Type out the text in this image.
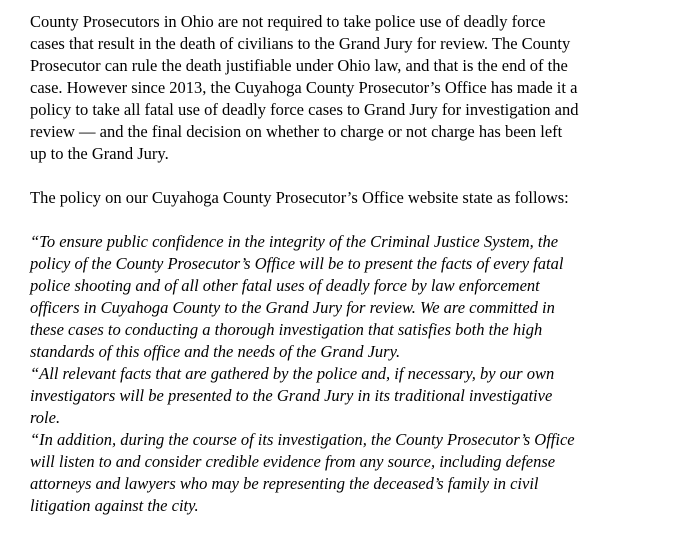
County Prosecutors in Ohio are not required to take police use of deadly force
cases that result in the death of civilians to the Grand Jury for review. The County
Prosecutor can rule the death justifiable under Ohio law, and that is the end of the
case. However since 2013, the Cuyahoga County Prosecutor’s Office has made it a
policy to take all fatal use of deadly force cases to Grand Jury for investigation and
review — and the final decision on whether to charge or not charge has been left
up to the Grand Jury.
The policy on our Cuyahoga County Prosecutor’s Office website state as follows:
“To ensure public confidence in the integrity of the Criminal Justice System, the
policy of the County Prosecutor’s Office will be to present the facts of every fatal
police shooting and of all other fatal uses of deadly force by law enforcement
officers in Cuyahoga County to the Grand Jury for review. We are committed in
these cases to conducting a thorough investigation that satisfies both the high
standards of this office and the needs of the Grand Jury.
“All relevant facts that are gathered by the police and, if necessary, by our own
investigators will be presented to the Grand Jury in its traditional investigative
role.
“In addition, during the course of its investigation, the County Prosecutor’s Office
will listen to and consider credible evidence from any source, including defense
attorneys and lawyers who may be representing the deceased’s family in civil
litigation against the city.
